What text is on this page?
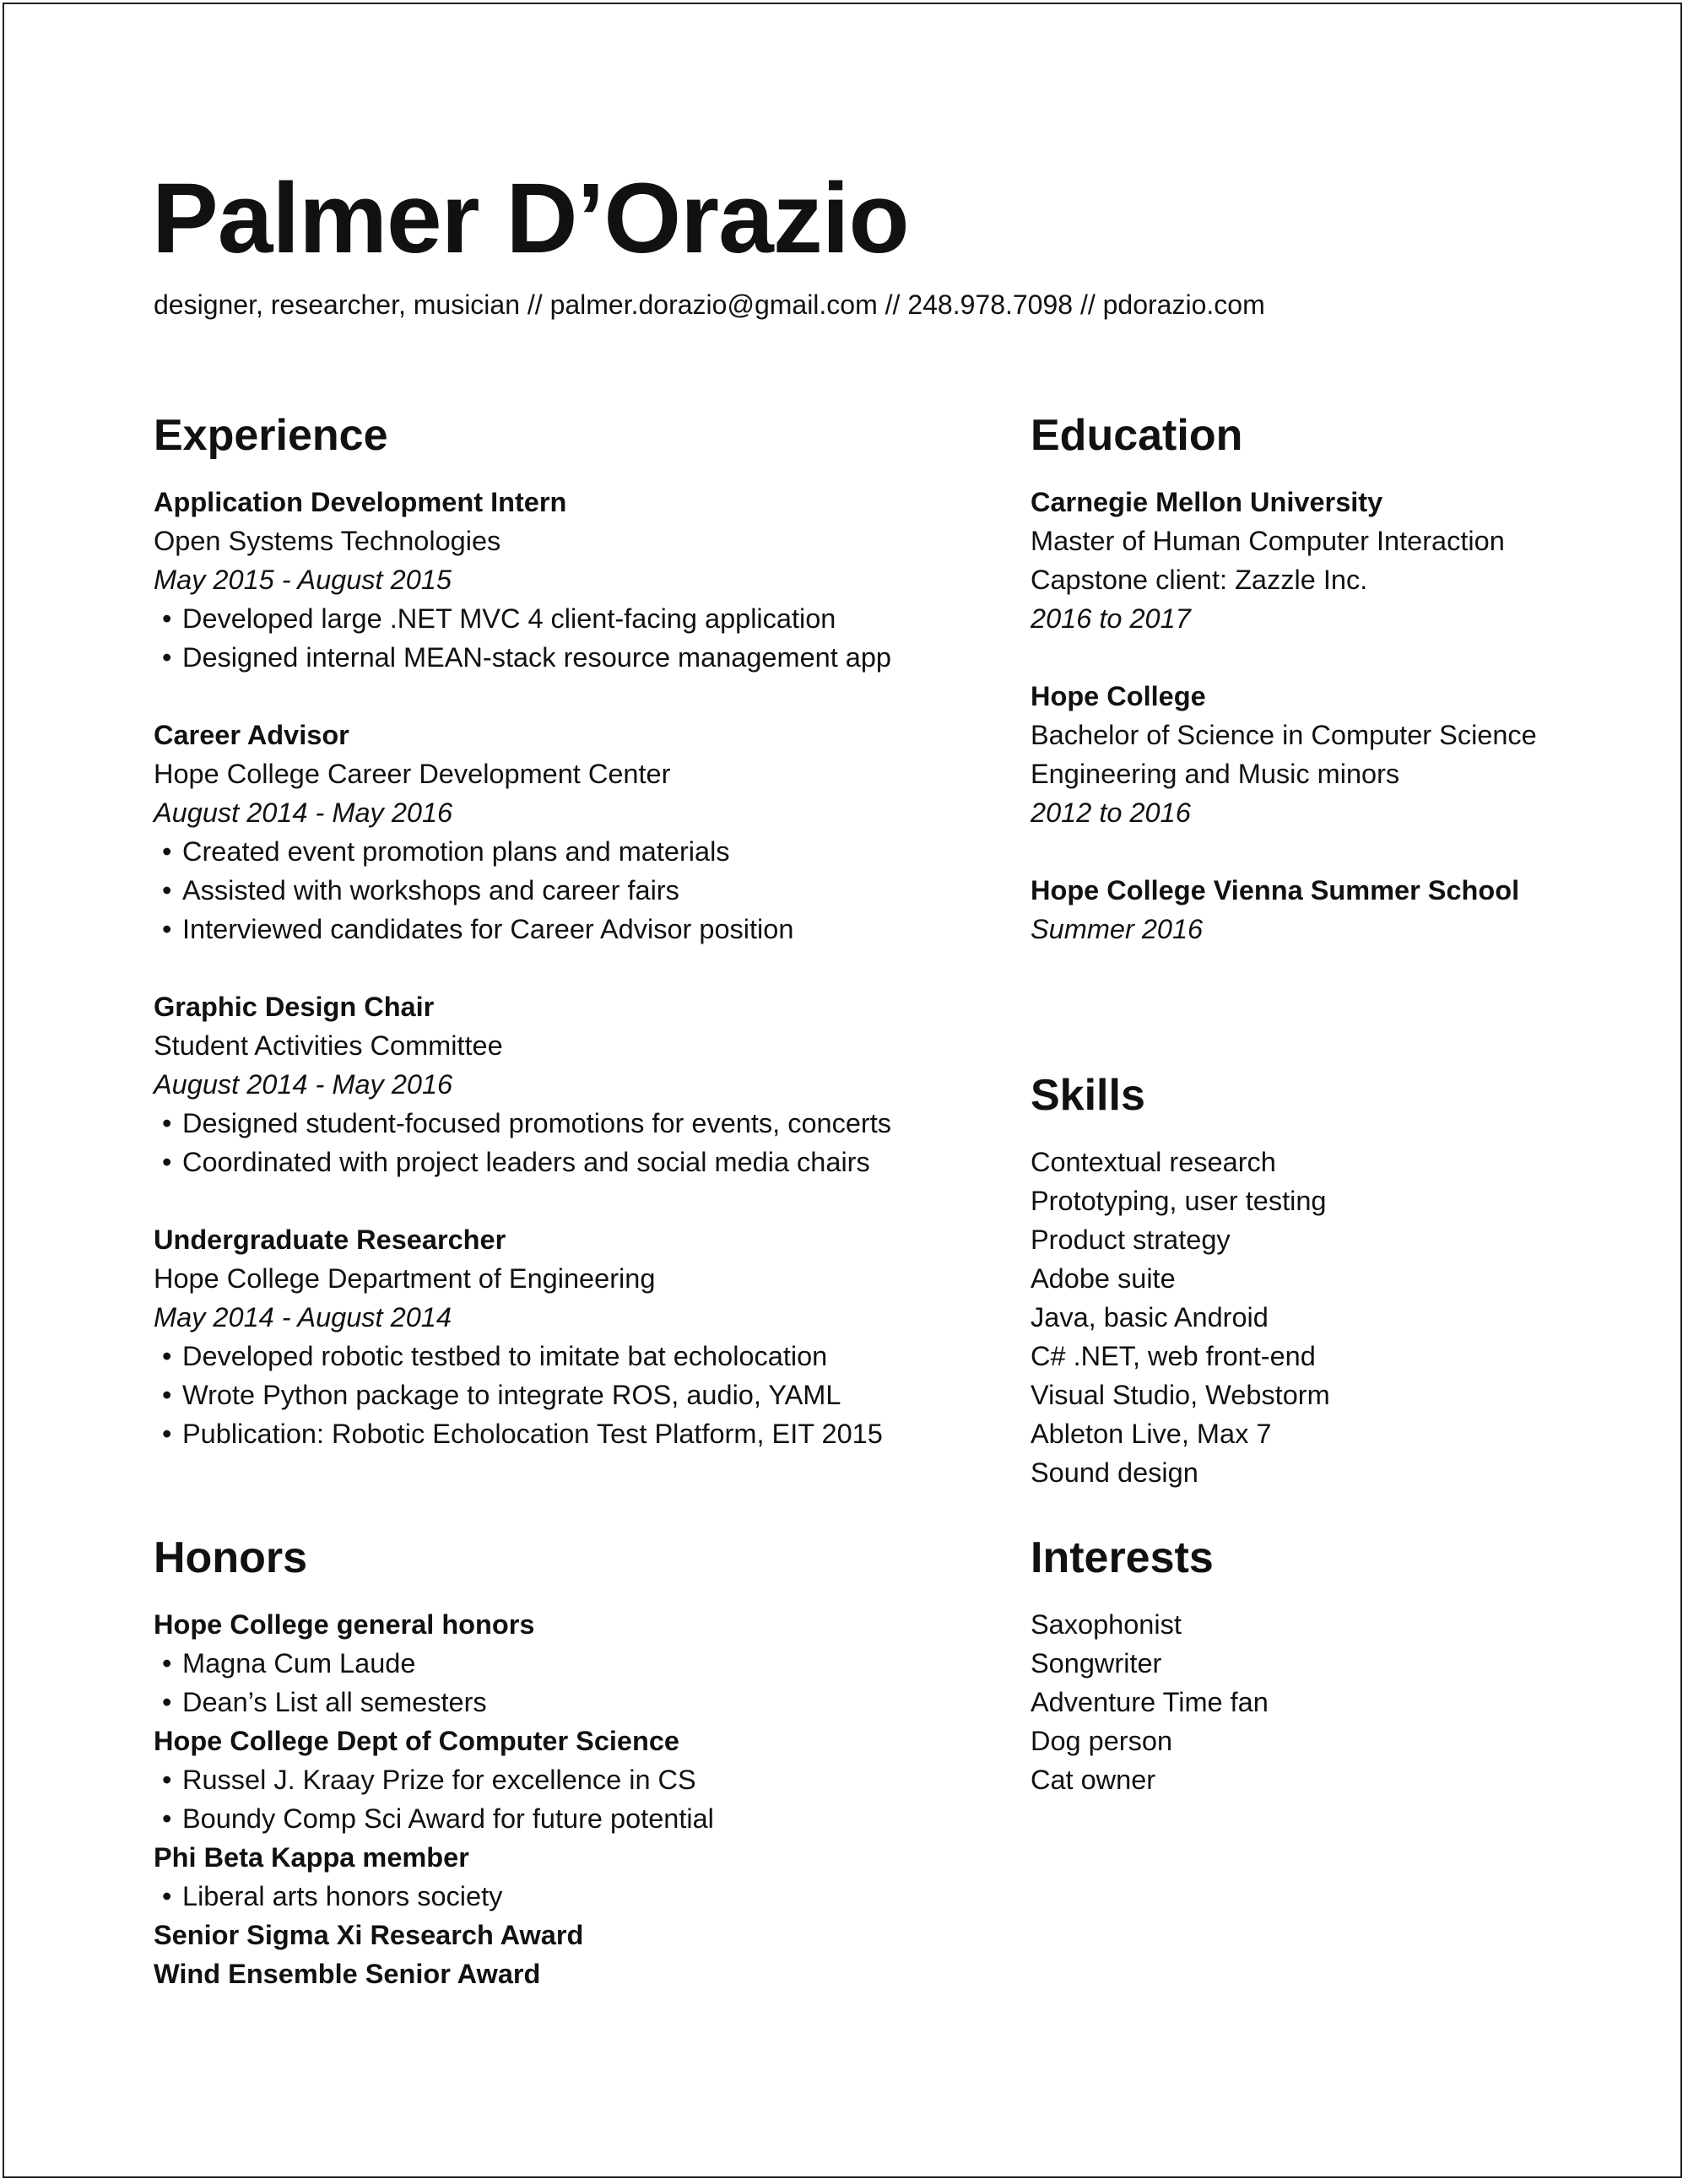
Palmer D’Orazio
designer, researcher, musician // palmer.dorazio@gmail.com // 248.978.7098 // pdorazio.com
Experience
Application Development Intern
Open Systems Technologies
May 2015 - August 2015
• Developed large .NET MVC 4 client-facing application
• Designed internal MEAN-stack resource management app
Career Advisor
Hope College Career Development Center
August 2014 - May 2016
• Created event promotion plans and materials
• Assisted with workshops and career fairs
• Interviewed candidates for Career Advisor position
Graphic Design Chair
Student Activities Committee
August 2014 - May 2016
• Designed student-focused promotions for events, concerts
• Coordinated with project leaders and social media chairs
Undergraduate Researcher
Hope College Department of Engineering
May 2014 - August 2014
• Developed robotic testbed to imitate bat echolocation
• Wrote Python package to integrate ROS, audio, YAML
• Publication: Robotic Echolocation Test Platform, EIT 2015
Education
Carnegie Mellon University
Master of Human Computer Interaction
Capstone client: Zazzle Inc.
2016 to 2017
Hope College
Bachelor of Science in Computer Science
Engineering and Music minors
2012 to 2016
Hope College Vienna Summer School
Summer 2016
Skills
Contextual research
Prototyping, user testing
Product strategy
Adobe suite
Java, basic Android
C# .NET, web front-end
Visual Studio, Webstorm
Ableton Live, Max 7
Sound design
Honors
Hope College general honors
• Magna Cum Laude
• Dean’s List all semesters
Hope College Dept of Computer Science
• Russel J. Kraay Prize for excellence in CS
• Boundy Comp Sci Award for future potential
Phi Beta Kappa member
• Liberal arts honors society
Senior Sigma Xi Research Award
Wind Ensemble Senior Award
Interests
Saxophonist
Songwriter
Adventure Time fan
Dog person
Cat owner
